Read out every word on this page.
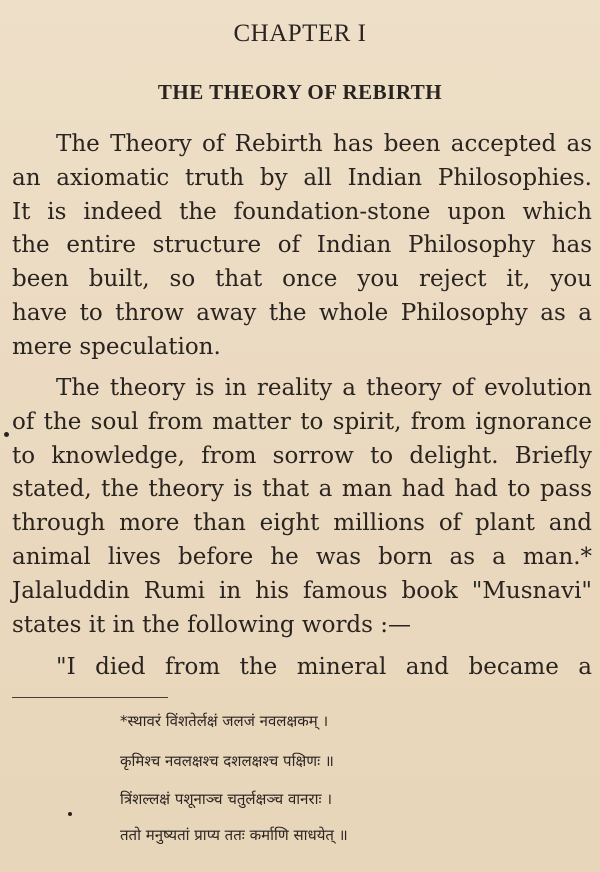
CHAPTER I
THE THEORY OF REBIRTH
The Theory of Rebirth has been accepted as
an axiomatic truth by all Indian Philosophies.
It is indeed the foundation-stone upon which
the entire structure of Indian Philosophy has
been built, so that once you reject it, you
have to throw away the whole Philosophy as a
mere speculation.
The theory is in reality a theory of evolution
of the soul from matter to spirit, from ignorance
to knowledge, from sorrow to delight. Briefly
stated, the theory is that a man had had to pass
through more than eight millions of plant and
animal lives before he was born as a man.*
Jalaluddin Rumi in his famous book "Musnavi"
states it in the following words :—
"I died from the mineral and became a
*स्थावरं विंशतेर्लक्षं जलजं नवलक्षकम् ।
कृमिश्च नवलक्षश्च दशलक्षश्च पक्षिणः ॥
त्रिंशल्लक्षं पशूनाञ्च चतुर्लक्षञ्च वानराः ।
ततो मनुष्यतां प्राप्य ततः कर्माणि साधयेत् ॥
